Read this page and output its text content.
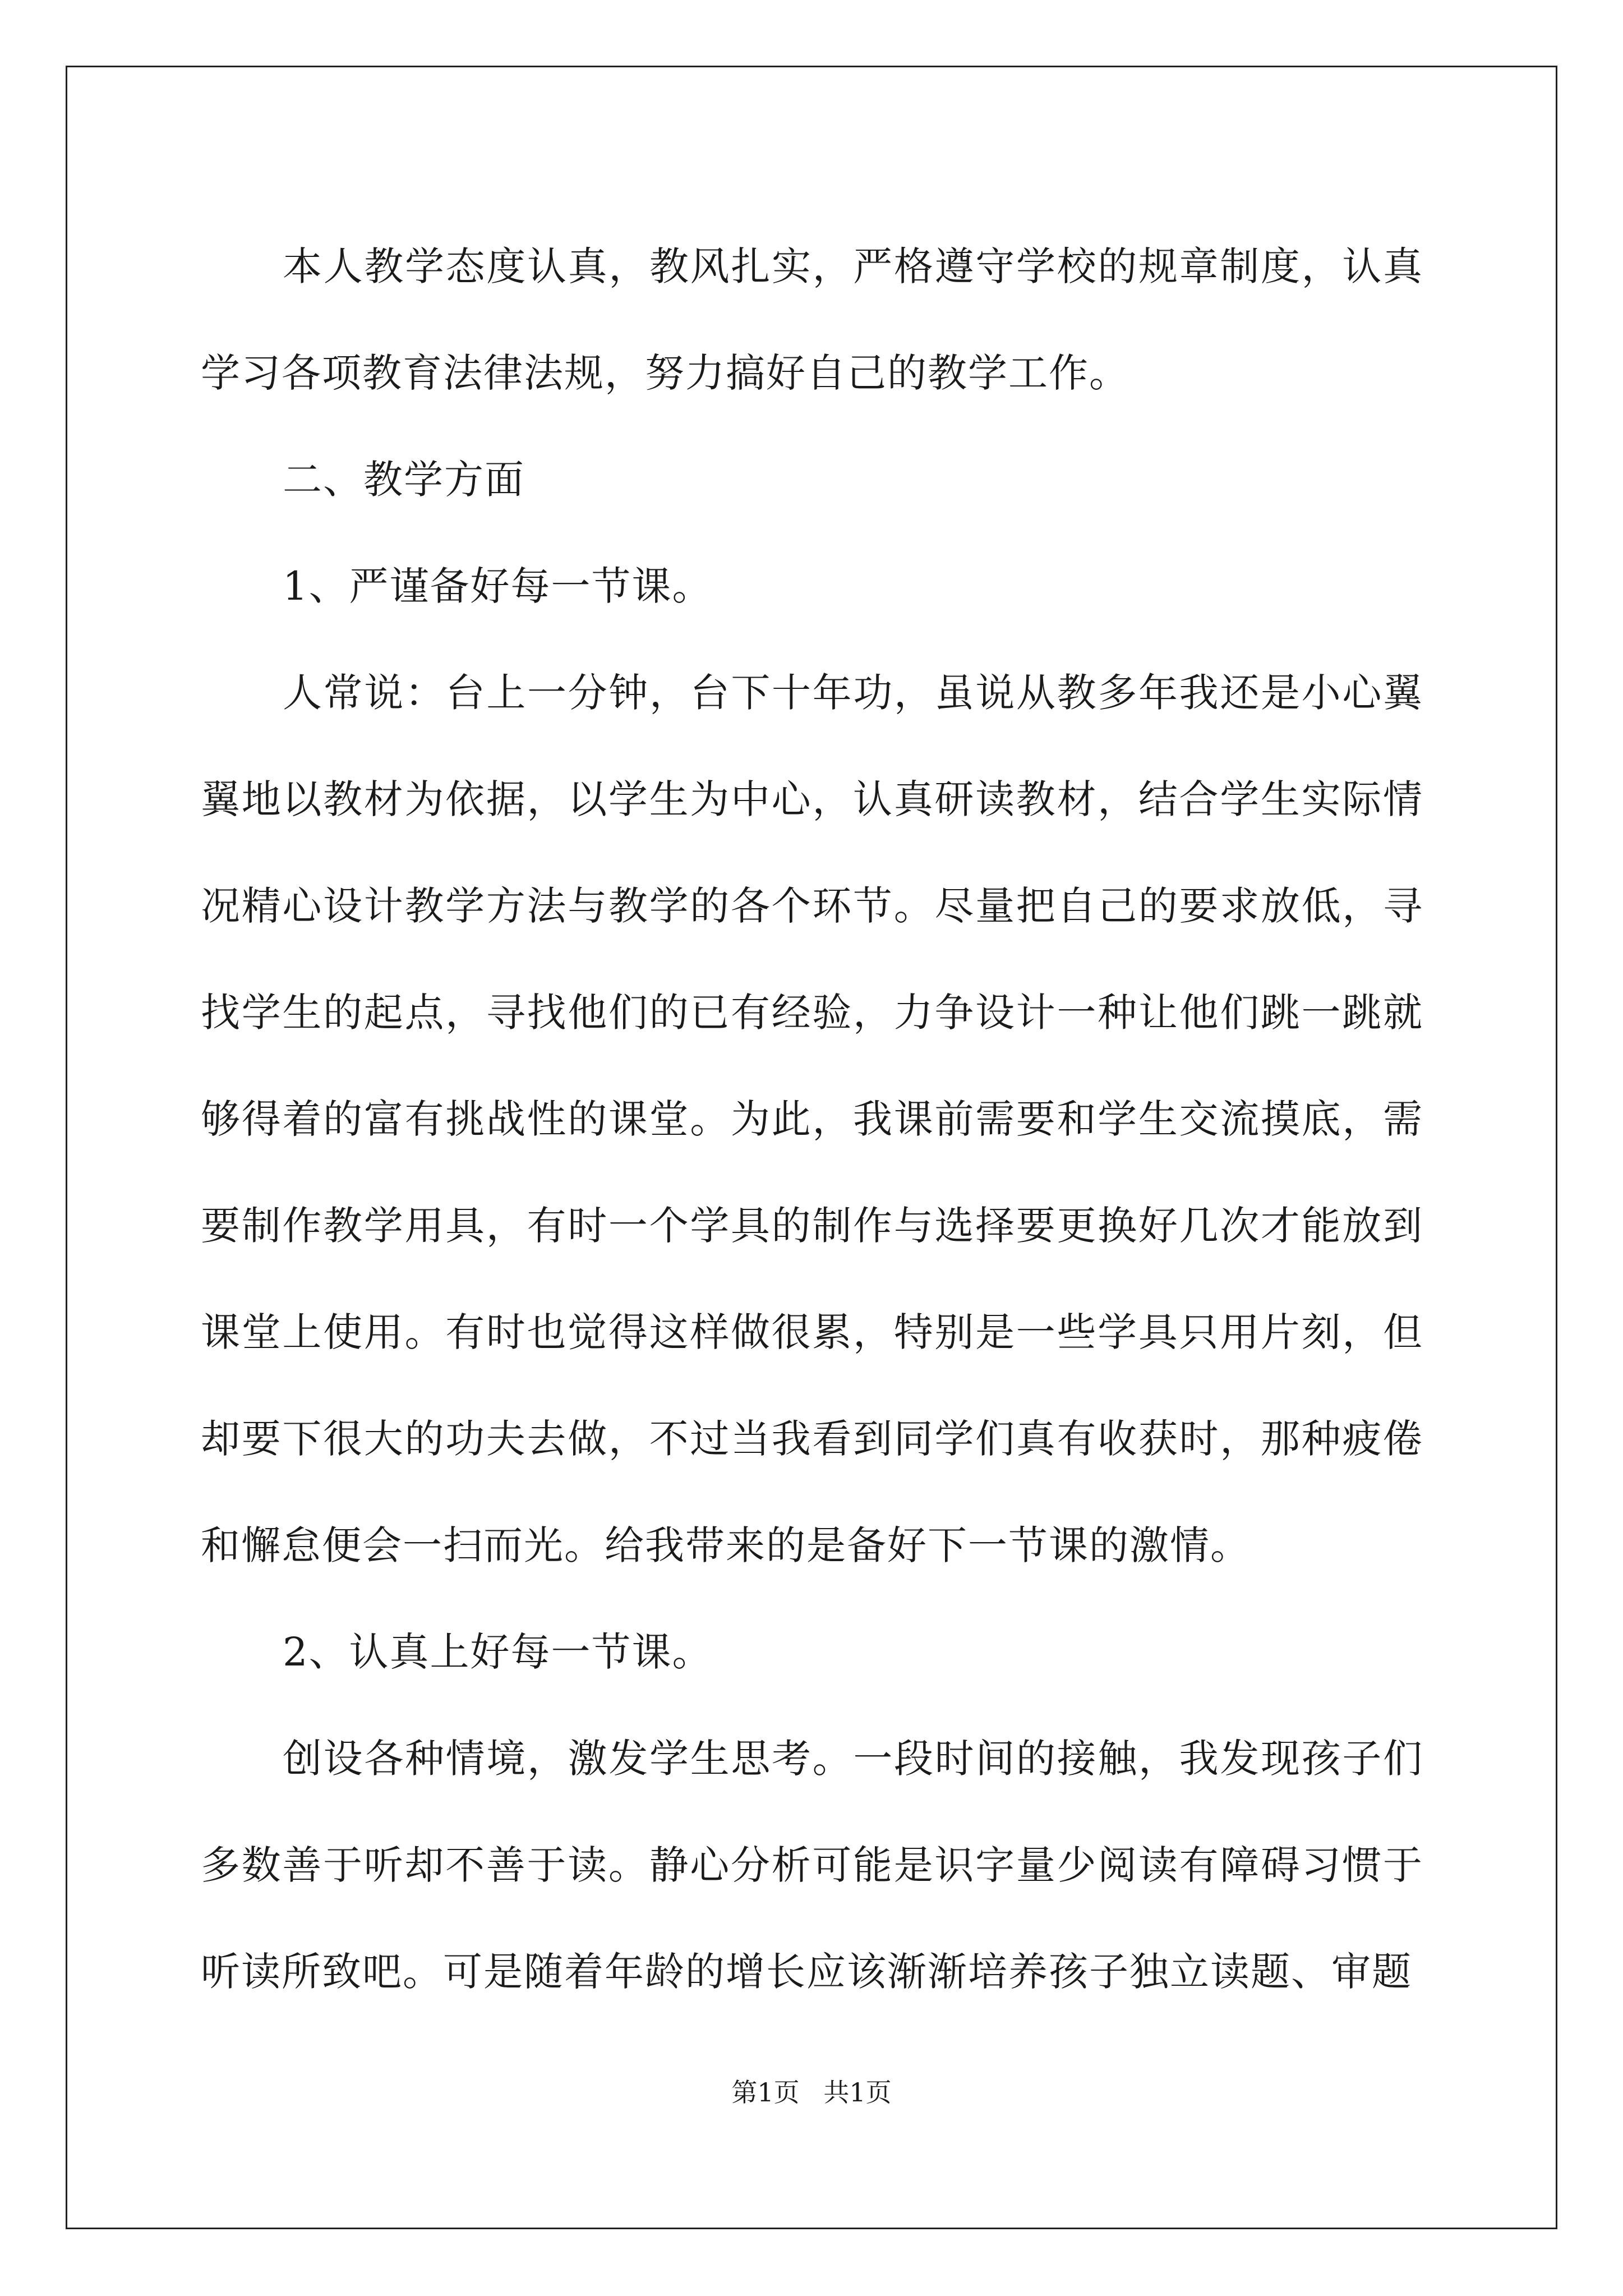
本人教学态度认真，教风扎实，严格遵守学校的规章制度，认真学习各项教育法律法规，努力搞好自己的教学工作。

二、教学方面

1、严谨备好每一节课。

人常说：台上一分钟，台下十年功，虽说从教多年我还是小心翼翼地以教材为依据，以学生为中心，认真研读教材，结合学生实际情况精心设计教学方法与教学的各个环节。尽量把自己的要求放低，寻找学生的起点，寻找他们的已有经验，力争设计一种让他们跳一跳就够得着的富有挑战性的课堂。为此，我课前需要和学生交流摸底，需要制作教学用具，有时一个学具的制作与选择要更换好几次才能放到课堂上使用。有时也觉得这样做很累，特别是一些学具只用片刻，但却要下很大的功夫去做，不过当我看到同学们真有收获时，那种疲倦和懈怠便会一扫而光。给我带来的是备好下一节课的激情。

2、认真上好每一节课。

创设各种情境，激发学生思考。一段时间的接触，我发现孩子们多数善于听却不善于读。静心分析可能是识字量少阅读有障碍习惯于听读所致吧。可是随着年龄的增长应该渐渐培养孩子独立读题、审题

第1页 共1页
